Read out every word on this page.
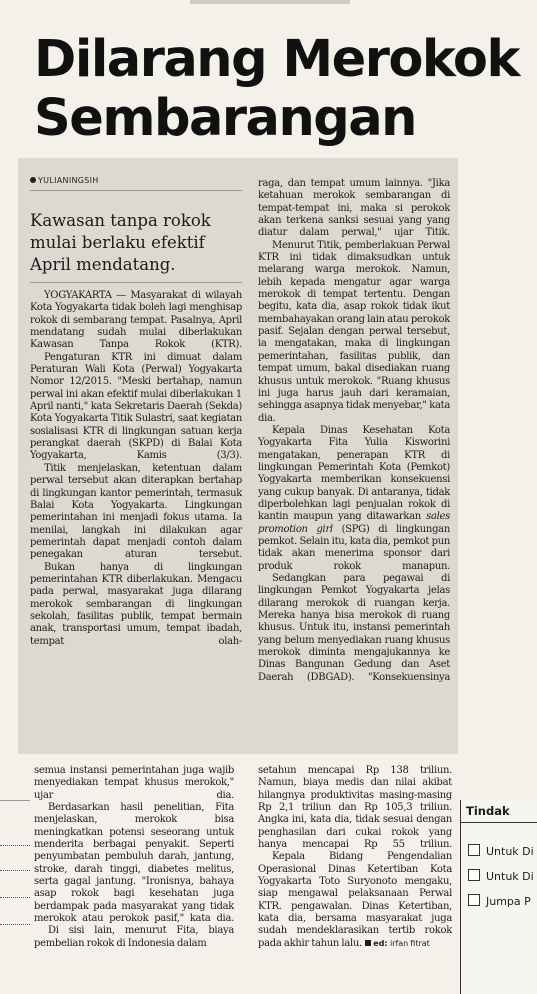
Dilarang Merokok
Sembarangan
YULIANINGSIH
Kawasan tanpa rokok
mulai berlaku efektif
April mendatang.

YOGYAKARTA — Masyarakat di wilayah Kota Yogyakarta tidak boleh lagi menghisap rokok di sembarang tempat. Pasalnya, April mendatang sudah mulai diberlakukan Kawasan Tanpa Rokok (KTR).

Pengaturan KTR ini dimuat dalam Peraturan Wali Kota (Perwal) Yogyakarta Nomor 12/2015. "Meski bertahap, namun perwal ini akan efektif mulai diberlakukan 1 April nanti," kata Sekretaris Daerah (Sekda) Kota Yogyakarta Titik Sulastri, saat kegiatan sosialisasi KTR di lingkungan satuan kerja perangkat daerah (SKPD) di Balai Kota Yogyakarta, Kamis (3/3).

Titik menjelaskan, ketentuan dalam perwal tersebut akan diterapkan bertahap di lingkungan kantor pemerintah, termasuk Balai Kota Yogyakarta. Lingkungan pemerintahan ini menjadi fokus utama. Ia menilai, langkah ini dilakukan agar pemerintah dapat menjadi contoh dalam penegakan aturan tersebut.

Bukan hanya di lingkungan pemerintahan KTR diberlakukan. Mengacu pada perwal, masyarakat juga dilarang merokok sembarangan di lingkungan sekolah, fasilitas publik, tempat bermain anak, transportasi umum, tempat ibadah, tempat olah-

raga, dan tempat umum lainnya. "Jika ketahuan merokok sembarangan di tempat-tempat ini, maka si perokok akan terkena sanksi sesuai yang yang diatur dalam perwal," ujar Titik.

Menurut Titik, pemberlakuan Perwal KTR ini tidak dimaksudkan untuk melarang warga merokok. Namun, lebih kepada mengatur agar warga merokok di tempat tertentu. Dengan begitu, kata dia, asap rokok tidak ikut membahayakan orang lain atau perokok pasif. Sejalan dengan perwal tersebut, ia mengatakan, maka di lingkungan pemerintahan, fasilitas publik, dan tempat umum, bakal disediakan ruang khusus untuk merokok. "Ruang khusus ini juga harus jauh dari keramaian, sehingga asapnya tidak menyebar," kata dia.

Kepala Dinas Kesehatan Kota Yogyakarta Fita Yulia Kisworini mengatakan, penerapan KTR di lingkungan Pemerintah Kota (Pemkot) Yogyakarta memberikan konsekuensi yang cukup banyak. Di antaranya, tidak diperbolehkan lagi penjualan rokok di kantin maupun yang ditawarkan sales promotion girl (SPG) di lingkungan pemkot. Selain itu, kata dia, pemkot pun tidak akan menerima sponsor dari produk rokok manapun.

Sedangkan para pegawai di lingkungan Pemkot Yogyakarta jelas dilarang merokok di ruangan kerja. Mereka hanya bisa merokok di ruang khusus. Untuk itu, instansi pemerintah yang belum menyediakan ruang khusus merokok diminta mengajukannya ke Dinas Bangunan Gedung dan Aset Daerah (DBGAD). "Konsekuensinya

semua instansi pemerintahan juga wajib menyediakan tempat khusus merokok," ujar dia.

Berdasarkan hasil penelitian, Fita menjelaskan, merokok bisa meningkatkan potensi seseorang untuk menderita berbagai penyakit. Seperti penyumbatan pembuluh darah, jantung, stroke, darah tinggi, diabetes melitus, serta gagal jantung. "Ironisnya, bahaya asap rokok bagi kesehatan juga berdampak pada masyarakat yang tidak merokok atau perokok pasif," kata dia.

Di sisi lain, menurut Fita, biaya pembelian rokok di Indonesia dalam

setahun mencapai Rp 138 triliun. Namun, biaya medis dan nilai akibat hilangnya produktivitas masing-masing Rp 2,1 triliun dan Rp 105,3 triliun. Angka ini, kata dia, tidak sesuai dengan penghasilan dari cukai rokok yang hanya mencapai Rp 55 triliun.

Kepala Bidang Pengendalian Operasional Dinas Ketertiban Kota Yogyakarta Toto Suryonoto mengaku, siap mengawal pelaksanaan Perwal KTR. pengawalan. Dinas Ketertiban, kata dia, bersama masyarakat juga sudah mendeklarasikan tertib rokok pada akhir tahun lalu. ed: irfan fitrat

Tindak
Untuk Di
Untuk Di
Jumpa P
